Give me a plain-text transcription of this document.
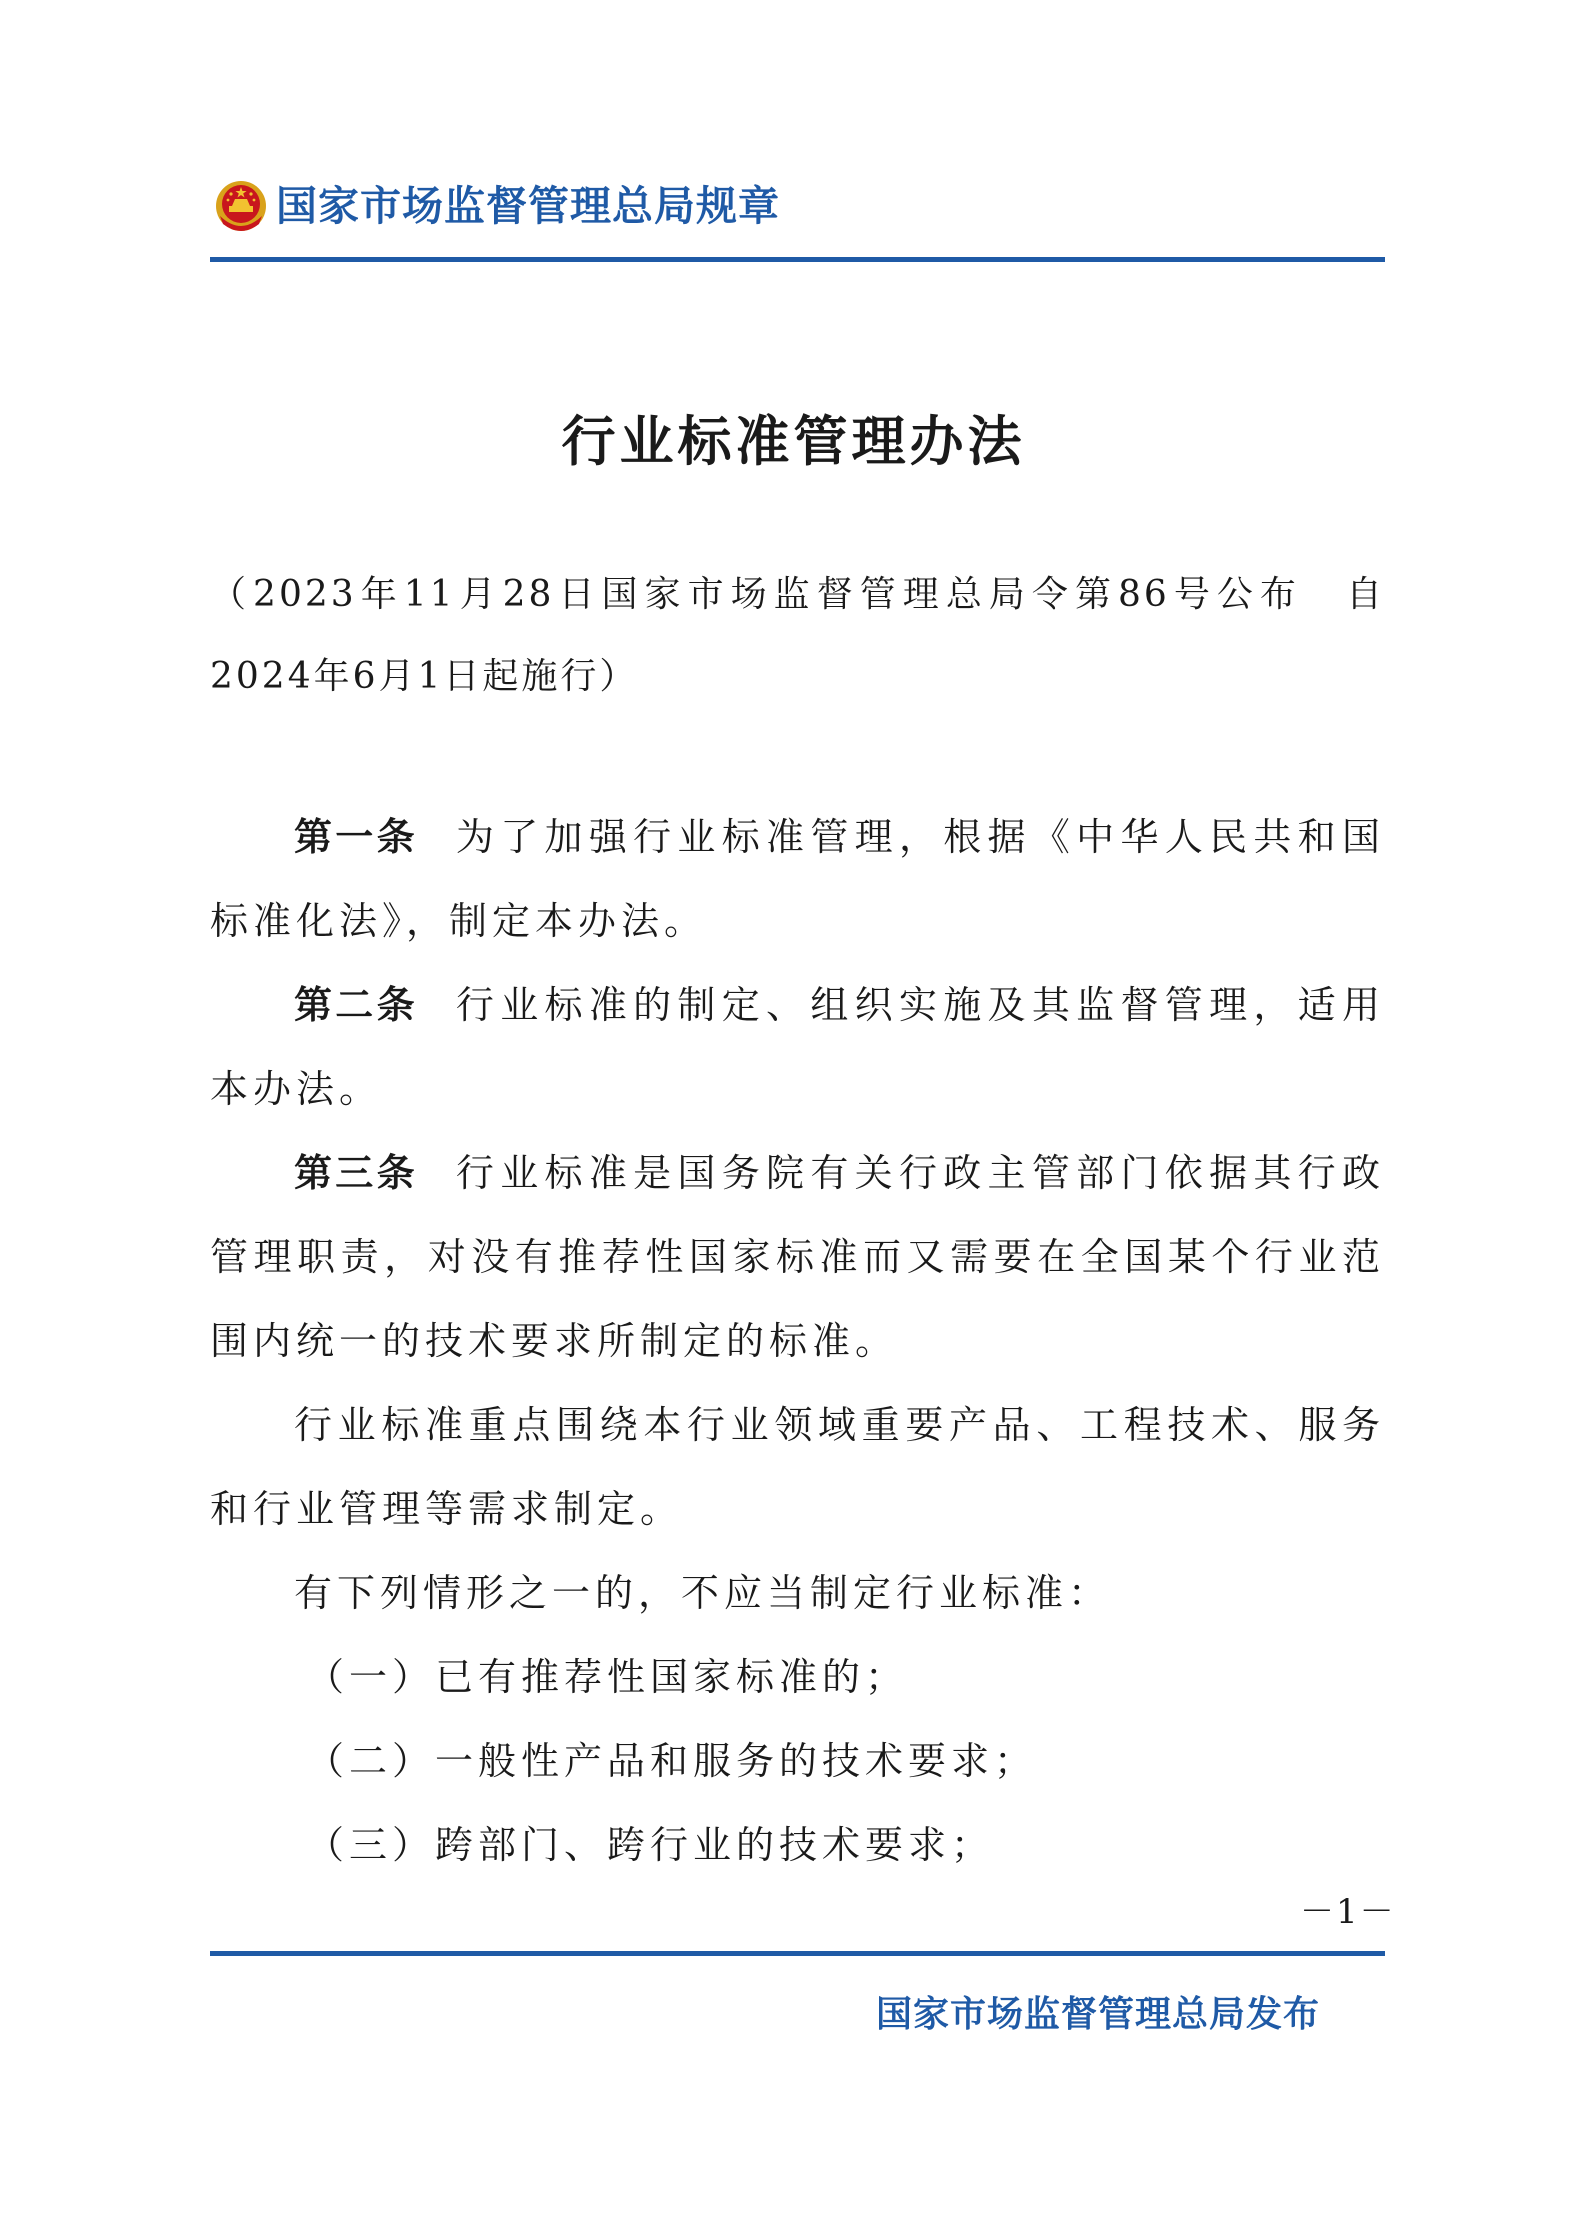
国家市场监督管理总局规章
行业标准管理办法
（2023年11月28日国家市场监督管理总局令第86号公布　自2024年6月1日起施行）

第一条 为了加强行业标准管理，根据《中华人民共和国标准化法》，制定本办法。

第二条 行业标准的制定、组织实施及其监督管理，适用本办法。

第三条 行业标准是国务院有关行政主管部门依据其行政管理职责，对没有推荐性国家标准而又需要在全国某个行业范围内统一的技术要求所制定的标准。

行业标准重点围绕本行业领域重要产品、工程技术、服务和行业管理等需求制定。

有下列情形之一的，不应当制定行业标准：

（一）已有推荐性国家标准的；

（二）一般性产品和服务的技术要求；

（三）跨部门、跨行业的技术要求；

－1－
国家市场监督管理总局发布
